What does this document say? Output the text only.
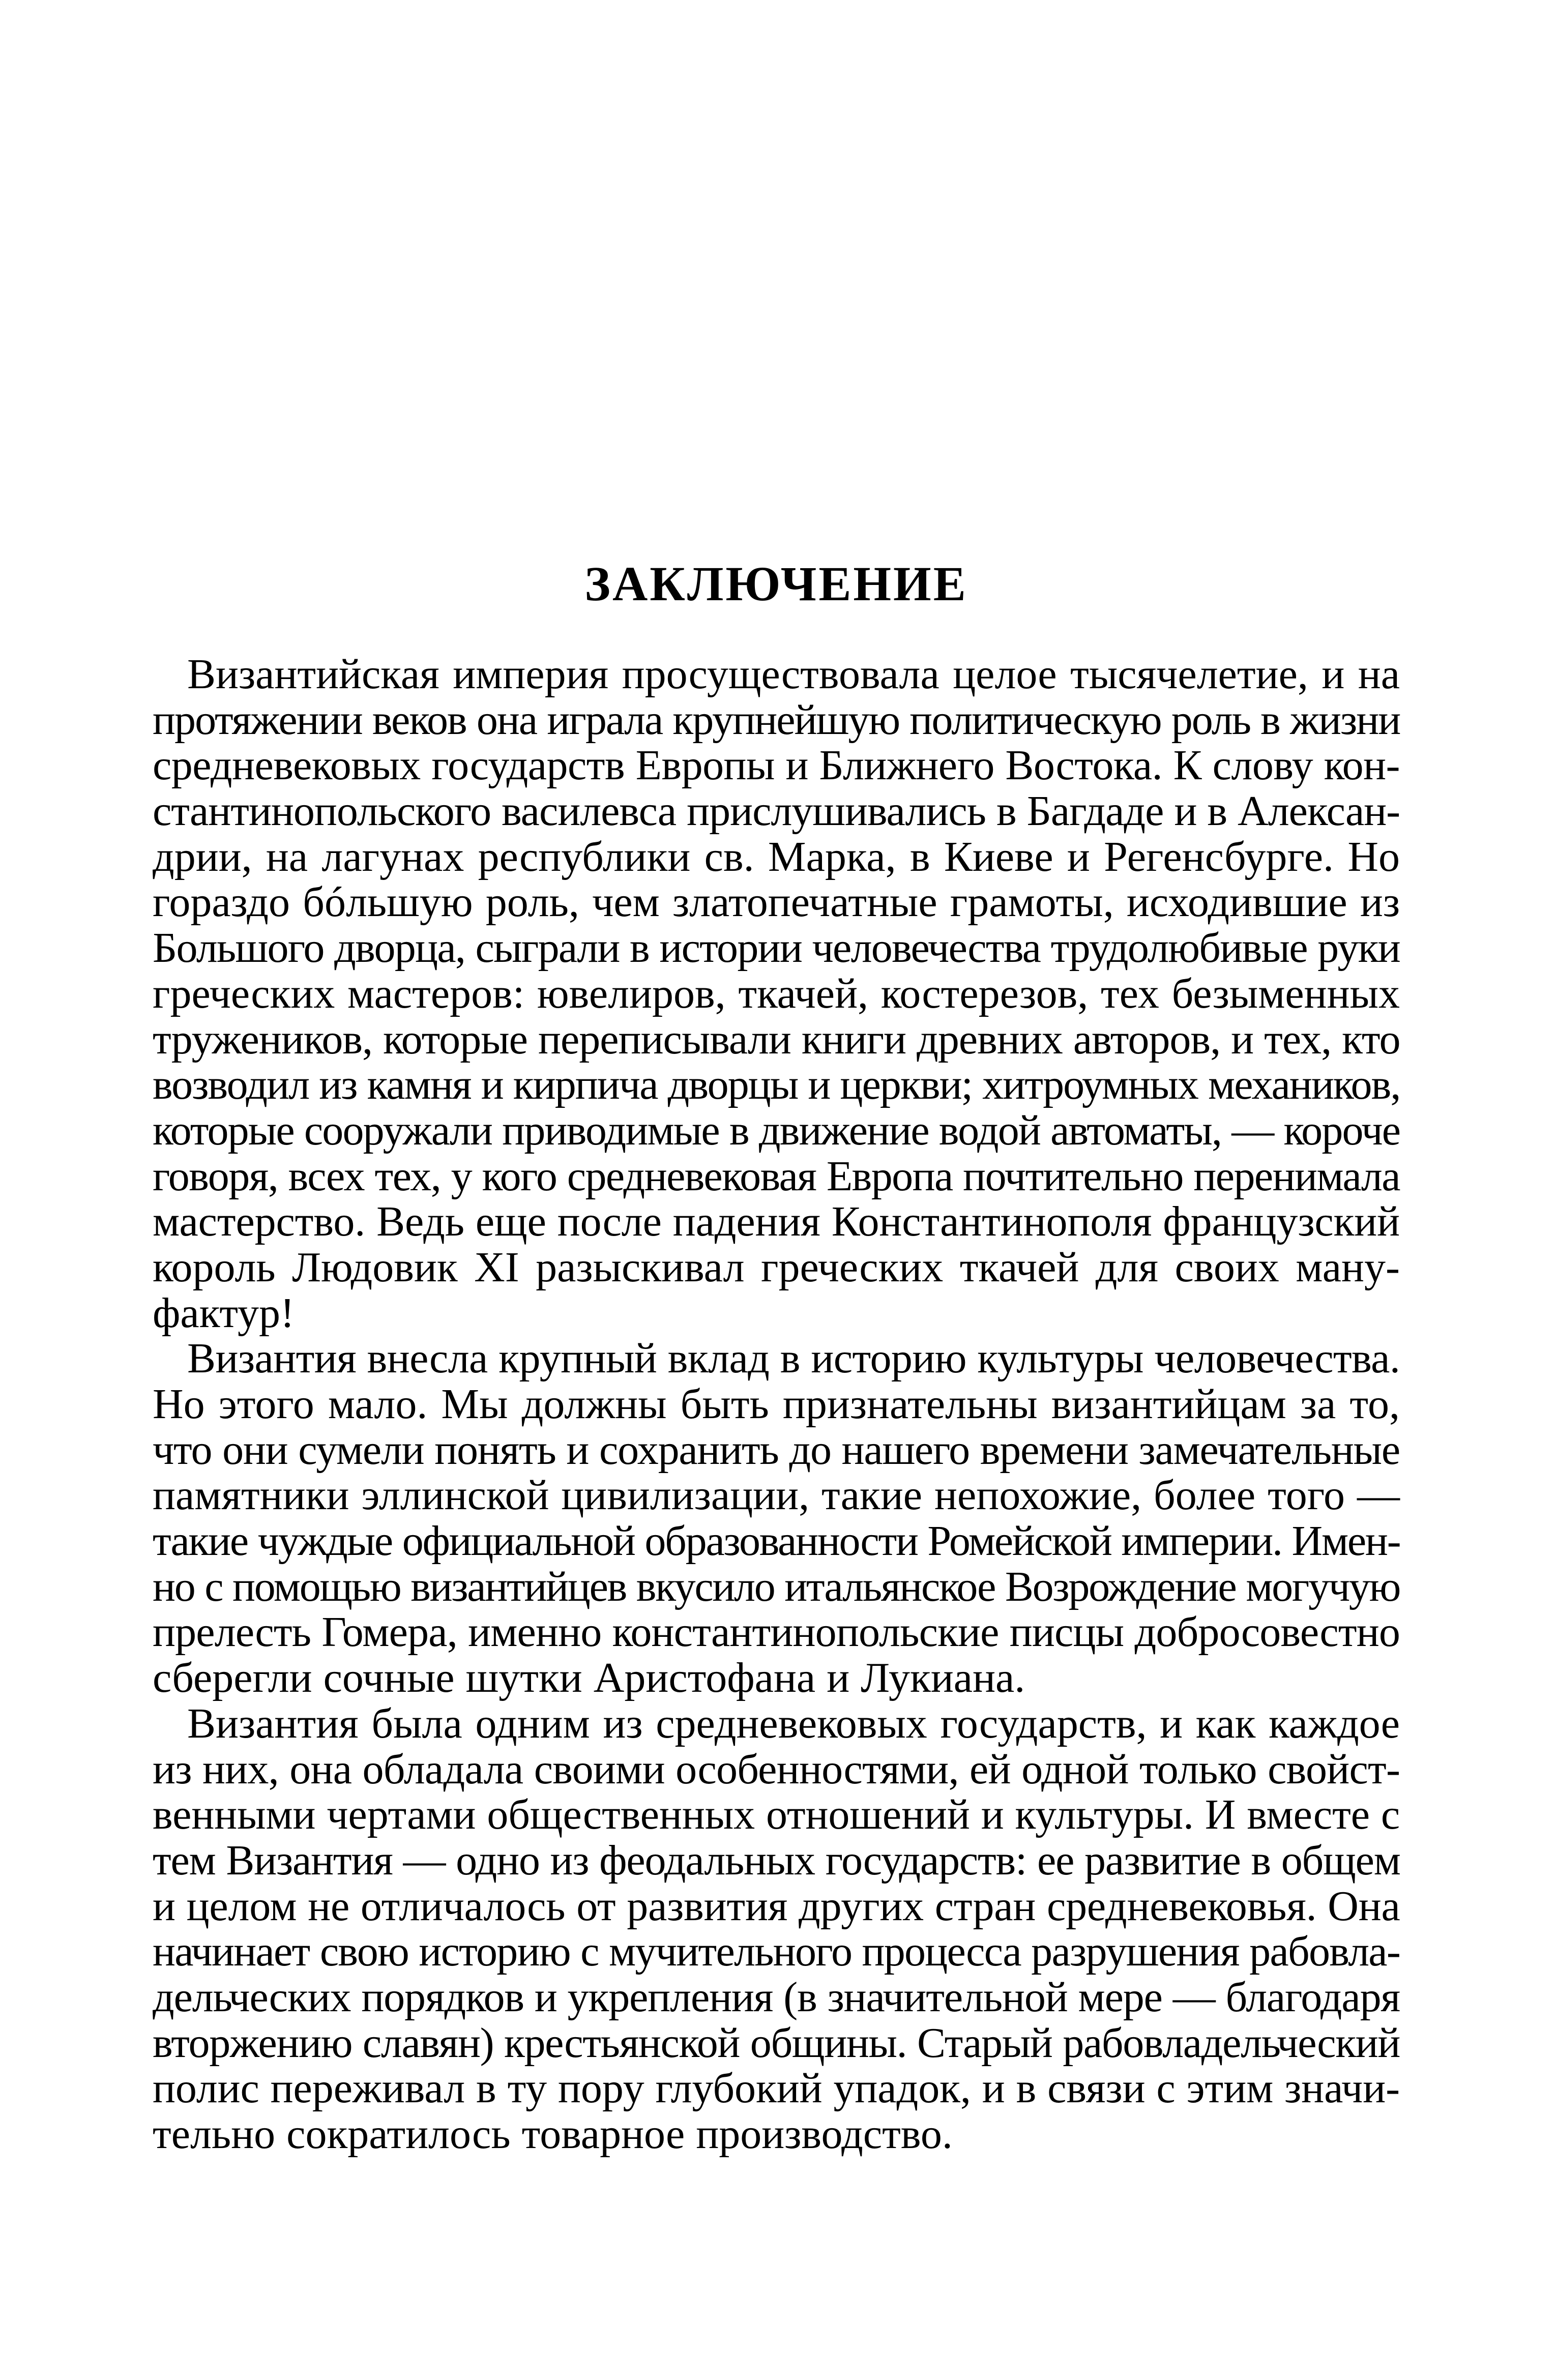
ЗАКЛЮЧЕНИЕ
Византийская империя просуществовала целое тысячелетие, и на
протяжении веков она играла крупнейшую политическую роль в жизни
средневековых государств Европы и Ближнего Востока. К слову кон-
стантинопольского василевса прислушивались в Багдаде и в Алексан-
дрии, на лагунах республики св. Марка, в Киеве и Регенсбурге. Но
гораздо бóльшую роль, чем златопечатные грамоты, исходившие из
Большого дворца, сыграли в истории человечества трудолюбивые руки
греческих мастеров: ювелиров, ткачей, костерезов, тех безыменных
тружеников, которые переписывали книги древних авторов, и тех, кто
возводил из камня и кирпича дворцы и церкви; хитроумных механиков,
которые сооружали приводимые в движение водой автоматы, — короче
говоря, всех тех, у кого средневековая Европа почтительно перенимала
мастерство. Ведь еще после падения Константинополя французский
король Людовик XI разыскивал греческих ткачей для своих ману-
фактур!
Византия внесла крупный вклад в историю культуры человечества.
Но этого мало. Мы должны быть признательны византийцам за то,
что они сумели понять и сохранить до нашего времени замечательные
памятники эллинской цивилизации, такие непохожие, более того —
такие чуждые официальной образованности Ромейской империи. Имен-
но с помощью византийцев вкусило итальянское Возрождение могучую
прелесть Гомера, именно константинопольские писцы добросовестно
сберегли сочные шутки Аристофана и Лукиана.
Византия была одним из средневековых государств, и как каждое
из них, она обладала своими особенностями, ей одной только свойст-
венными чертами общественных отношений и культуры. И вместе с
тем Византия — одно из феодальных государств: ее развитие в общем
и целом не отличалось от развития других стран средневековья. Она
начинает свою историю с мучительного процесса разрушения рабовла-
дельческих порядков и укрепления (в значительной мере — благодаря
вторжению славян) крестьянской общины. Старый рабовладельческий
полис переживал в ту пору глубокий упадок, и в связи с этим значи-
тельно сократилось товарное производство.
